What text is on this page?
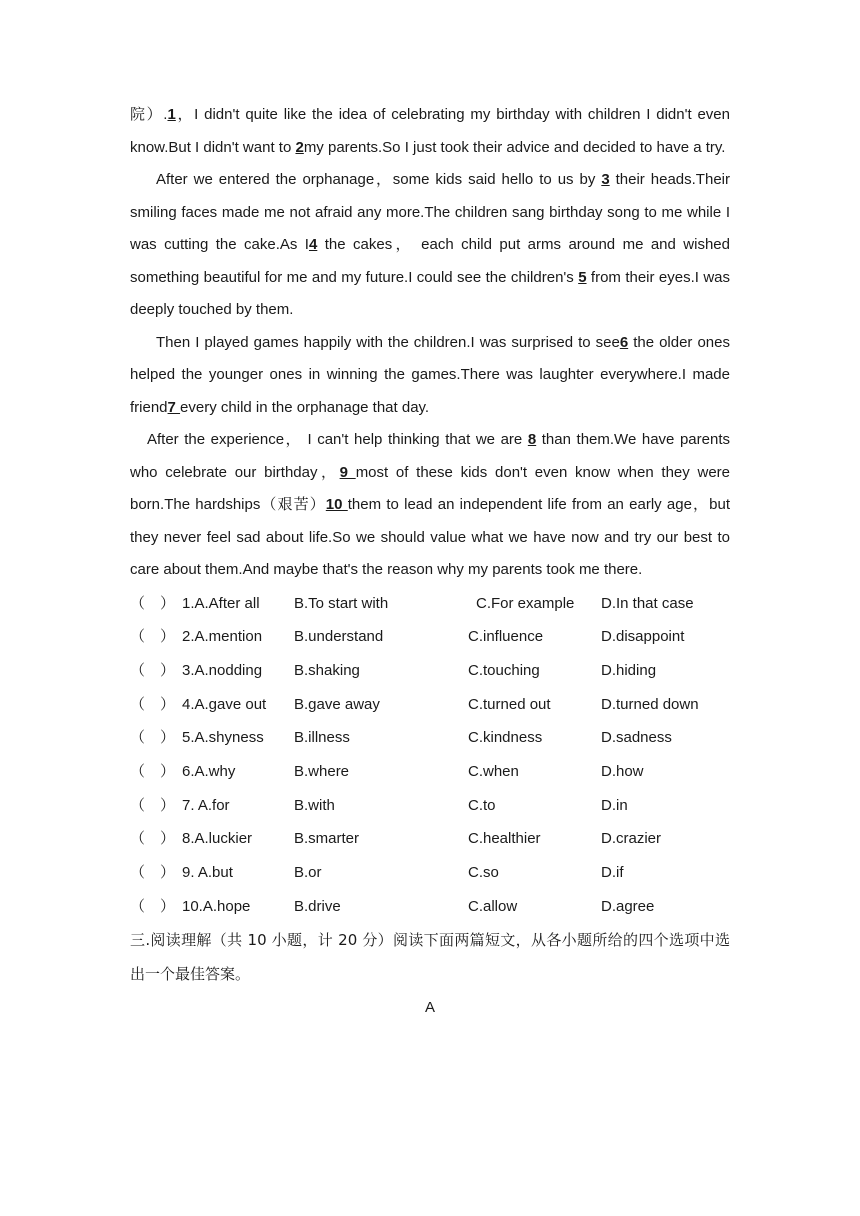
院）.1，I didn't quite like the idea of celebrating my birthday with children I didn't even know.But I didn't want to 2my parents.So I just took their advice and decided to have a try.

After we entered the orphanage，some kids said hello to us by 3 their heads.Their smiling faces made me not afraid any more.The children sang birthday song to me while I was cutting the cake.As I4 the cakes， each child put arms around me and wished something beautiful for me and my future.I could see the children's 5 from their eyes.I was deeply touched by them.

Then I played games happily with the children.I was surprised to see6 the older ones helped the younger ones in winning the games.There was laughter everywhere.I made friend7 every child in the orphanage that day.

After the experience， I can't help thinking that we are 8 than them.We have parents who celebrate our birthday，9 most of these kids don't even know when they were born.The hardships（艰苦）10 them to lead an independent life from an early age，but they never feel sad about life.So we should value what we have now and try our best to care about them.And maybe that's the reason why my parents took me there.

（　） 1.A.After all B.To start with	C.For example D.In that case
（　） 2.A.mention B.understand	C.influence	D.disappoint
（　） 3.A.nodding B.shaking	C.touching	D.hiding
（　） 4.A.gave out B.gave away	C.turned out	D.turned down
（　） 5.A.shyness B.illness	C.kindness	D.sadness
（　） 6.A.why	B.where	C.when	D.how
（　） 7. A.for	B.with	C.to	D.in
（　） 8.A.luckier	B.smarter	C.healthier	D.crazier
（　） 9. A.but	B.or	C.so	D.if
（　） 10.A.hope	B.drive	C.allow	D.agree

三.阅读理解（共 10 小题，计 20 分）阅读下面两篇短文，从各小题所给的四个选项中选出一个最佳答案。

A
